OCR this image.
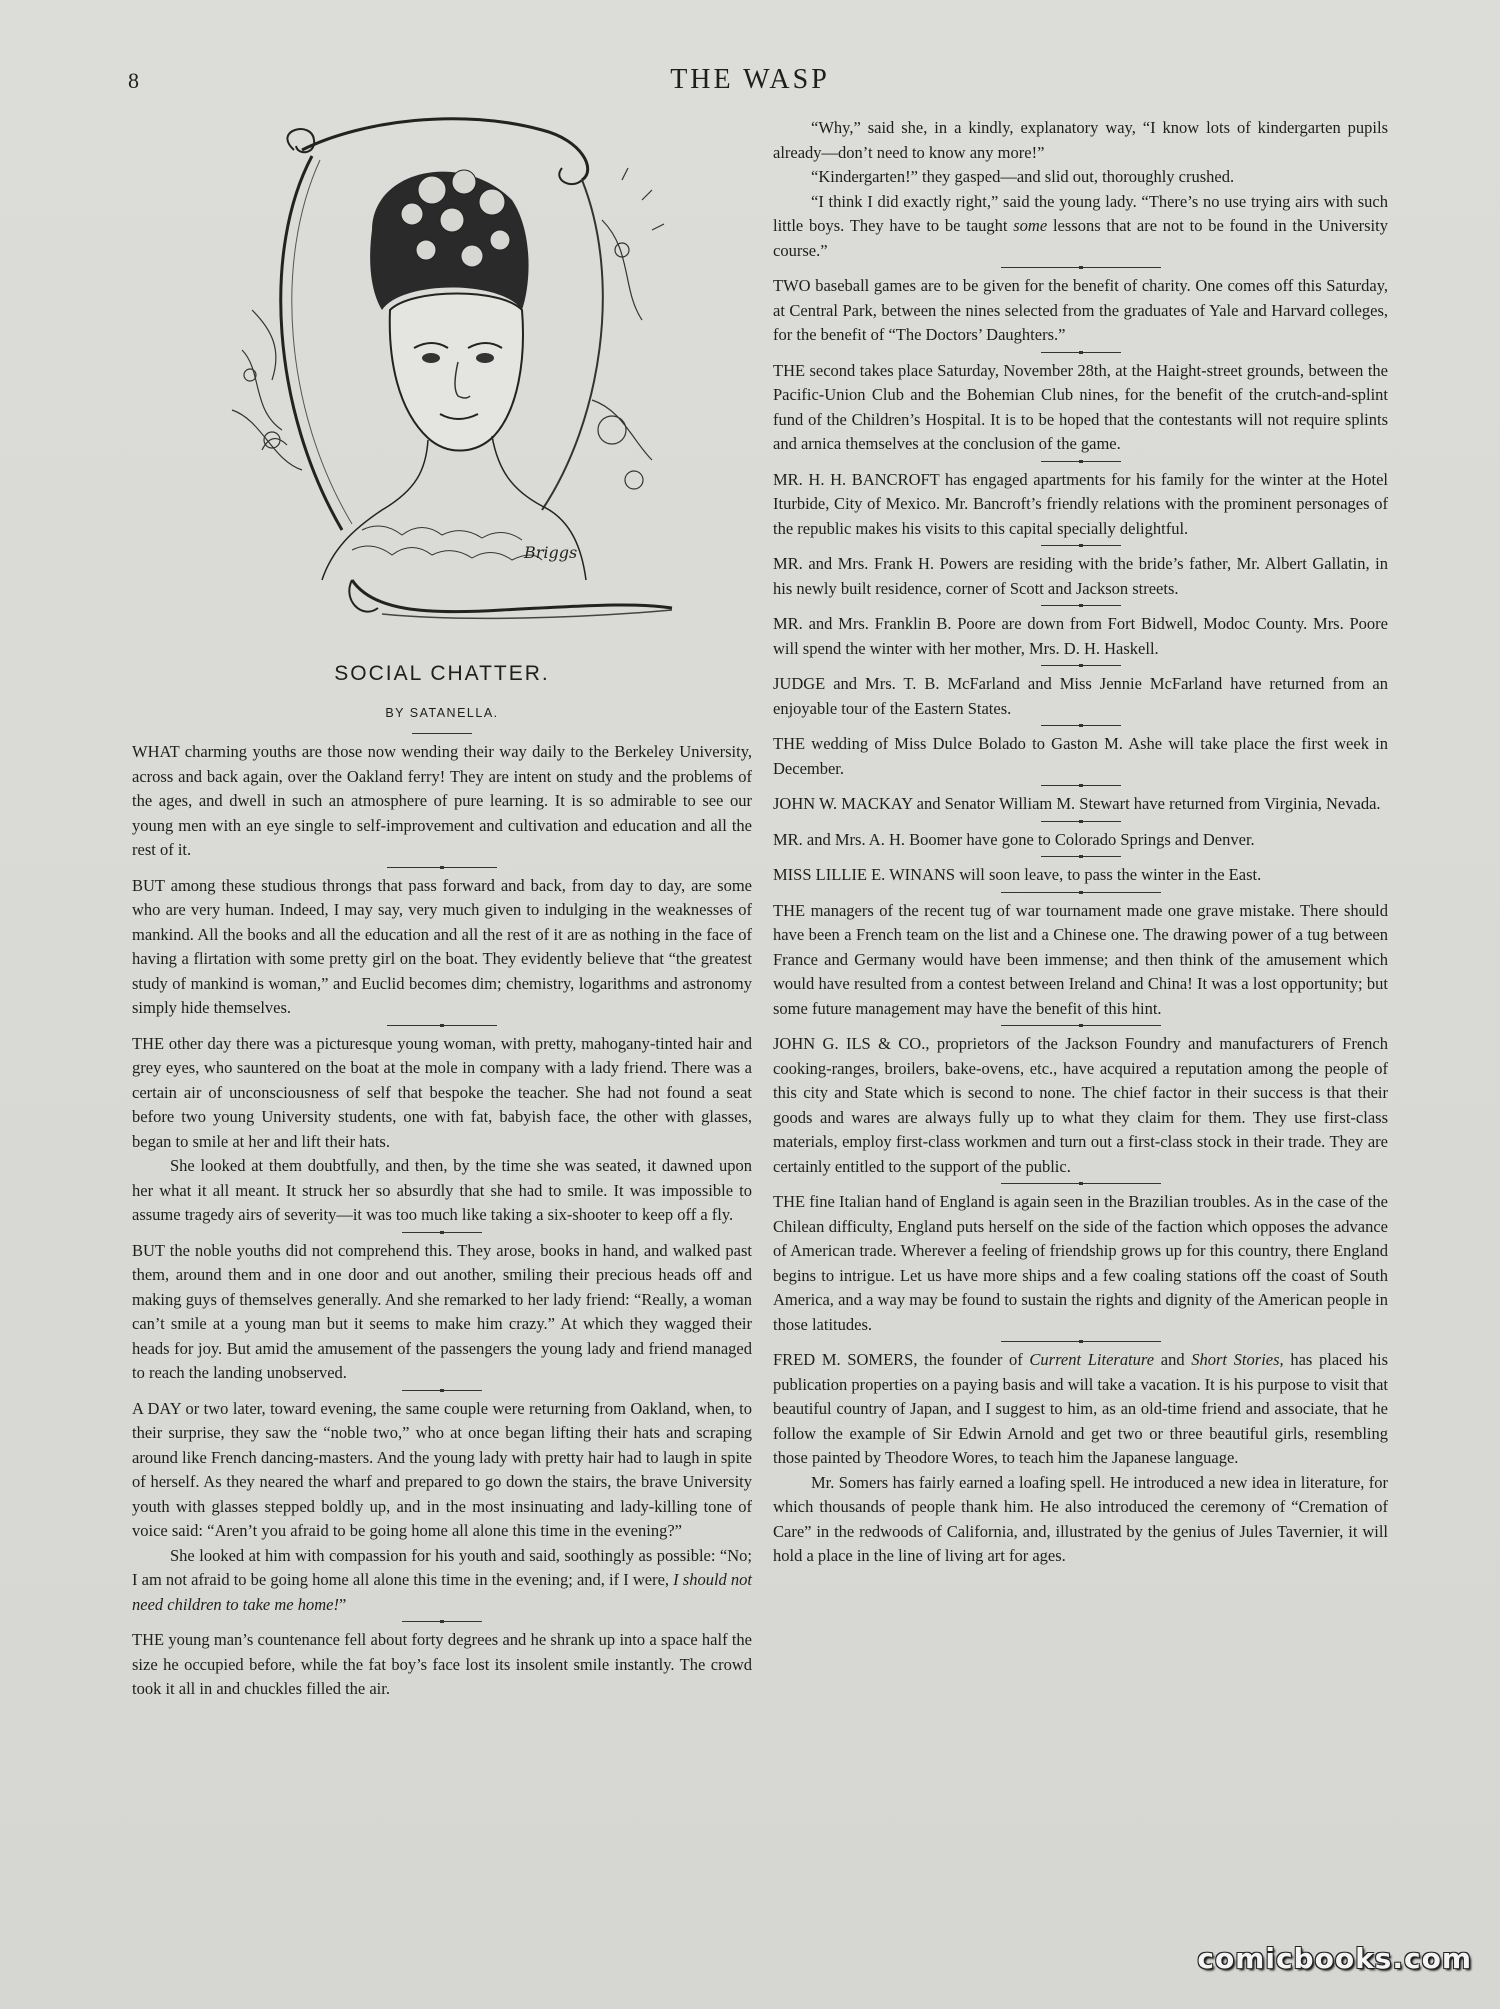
8	THE WASP
Briggs
SOCIAL CHATTER.
BY SATANELLA.

WHAT charming youths are those now wending their way daily to the Berkeley University, across and back again, over the Oakland ferry! They are intent on study and the problems of the ages, and dwell in such an atmosphere of pure learning. It is so admirable to see our young men with an eye single to self-improvement and cultivation and education and all the rest of it.

BUT among these studious throngs that pass forward and back, from day to day, are some who are very human. Indeed, I may say, very much given to indulging in the weaknesses of mankind. All the books and all the education and all the rest of it are as nothing in the face of having a flirtation with some pretty girl on the boat. They evidently believe that “the greatest study of mankind is woman,” and Euclid becomes dim; chemistry, logarithms and astronomy simply hide themselves.

THE other day there was a picturesque young woman, with pretty, mahogany-tinted hair and grey eyes, who sauntered on the boat at the mole in company with a lady friend. There was a certain air of unconsciousness of self that bespoke the teacher. She had not found a seat before two young University students, one with fat, babyish face, the other with glasses, began to smile at her and lift their hats.

She looked at them doubtfully, and then, by the time she was seated, it dawned upon her what it all meant. It struck her so absurdly that she had to smile. It was impossible to assume tragedy airs of severity—it was too much like taking a six-shooter to keep off a fly.

BUT the noble youths did not comprehend this. They arose, books in hand, and walked past them, around them and in one door and out another, smiling their precious heads off and making guys of themselves generally. And she remarked to her lady friend: “Really, a woman can’t smile at a young man but it seems to make him crazy.” At which they wagged their heads for joy. But amid the amusement of the passengers the young lady and friend managed to reach the landing unobserved.

A DAY or two later, toward evening, the same couple were returning from Oakland, when, to their surprise, they saw the “noble two,” who at once began lifting their hats and scraping around like French dancing-masters. And the young lady with pretty hair had to laugh in spite of herself. As they neared the wharf and prepared to go down the stairs, the brave University youth with glasses stepped boldly up, and in the most insinuating and lady-killing tone of voice said: “Aren’t you afraid to be going home all alone this time in the evening?”

She looked at him with compassion for his youth and said, soothingly as possible: “No; I am not afraid to be going home all alone this time in the evening; and, if I were, I should not need children to take me home!”

THE young man’s countenance fell about forty degrees and he shrank up into a space half the size he occupied before, while the fat boy’s face lost its insolent smile instantly. The crowd took it all in and chuckles filled the air.

“Why,” said she, in a kindly, explanatory way, “I know lots of kindergarten pupils already—don’t need to know any more!”

“Kindergarten!” they gasped—and slid out, thoroughly crushed.

“I think I did exactly right,” said the young lady. “There’s no use trying airs with such little boys. They have to be taught some lessons that are not to be found in the University course.”

TWO baseball games are to be given for the benefit of charity. One comes off this Saturday, at Central Park, between the nines selected from the graduates of Yale and Harvard colleges, for the benefit of “The Doctors’ Daughters.”

THE second takes place Saturday, November 28th, at the Haight-street grounds, between the Pacific-Union Club and the Bohemian Club nines, for the benefit of the crutch-and-splint fund of the Children’s Hospital. It is to be hoped that the contestants will not require splints and arnica themselves at the conclusion of the game.

MR. H. H. BANCROFT has engaged apartments for his family for the winter at the Hotel Iturbide, City of Mexico. Mr. Bancroft’s friendly relations with the prominent personages of the republic makes his visits to this capital specially delightful.

MR. and Mrs. Frank H. Powers are residing with the bride’s father, Mr. Albert Gallatin, in his newly built residence, corner of Scott and Jackson streets.

MR. and Mrs. Franklin B. Poore are down from Fort Bidwell, Modoc County. Mrs. Poore will spend the winter with her mother, Mrs. D. H. Haskell.

JUDGE and Mrs. T. B. McFarland and Miss Jennie McFarland have returned from an enjoyable tour of the Eastern States.

THE wedding of Miss Dulce Bolado to Gaston M. Ashe will take place the first week in December.

JOHN W. MACKAY and Senator William M. Stewart have returned from Virginia, Nevada.

MR. and Mrs. A. H. Boomer have gone to Colorado Springs and Denver.

MISS LILLIE E. WINANS will soon leave, to pass the winter in the East.

THE managers of the recent tug of war tournament made one grave mistake. There should have been a French team on the list and a Chinese one. The drawing power of a tug between France and Germany would have been immense; and then think of the amusement which would have resulted from a contest between Ireland and China! It was a lost opportunity; but some future management may have the benefit of this hint.

JOHN G. ILS & CO., proprietors of the Jackson Foundry and manufacturers of French cooking-ranges, broilers, bake-ovens, etc., have acquired a reputation among the people of this city and State which is second to none. The chief factor in their success is that their goods and wares are always fully up to what they claim for them. They use first-class materials, employ first-class workmen and turn out a first-class stock in their trade. They are certainly entitled to the support of the public.

THE fine Italian hand of England is again seen in the Brazilian troubles. As in the case of the Chilean difficulty, England puts herself on the side of the faction which opposes the advance of American trade. Wherever a feeling of friendship grows up for this country, there England begins to intrigue. Let us have more ships and a few coaling stations off the coast of South America, and a way may be found to sustain the rights and dignity of the American people in those latitudes.

FRED M. SOMERS, the founder of Current Literature and Short Stories, has placed his publication properties on a paying basis and will take a vacation. It is his purpose to visit that beautiful country of Japan, and I suggest to him, as an old-time friend and associate, that he follow the example of Sir Edwin Arnold and get two or three beautiful girls, resembling those painted by Theodore Wores, to teach him the Japanese language.

Mr. Somers has fairly earned a loafing spell. He introduced a new idea in literature, for which thousands of people thank him. He also introduced the ceremony of “Cremation of Care” in the redwoods of California, and, illustrated by the genius of Jules Tavernier, it will hold a place in the line of living art for ages.

comicbooks.com
